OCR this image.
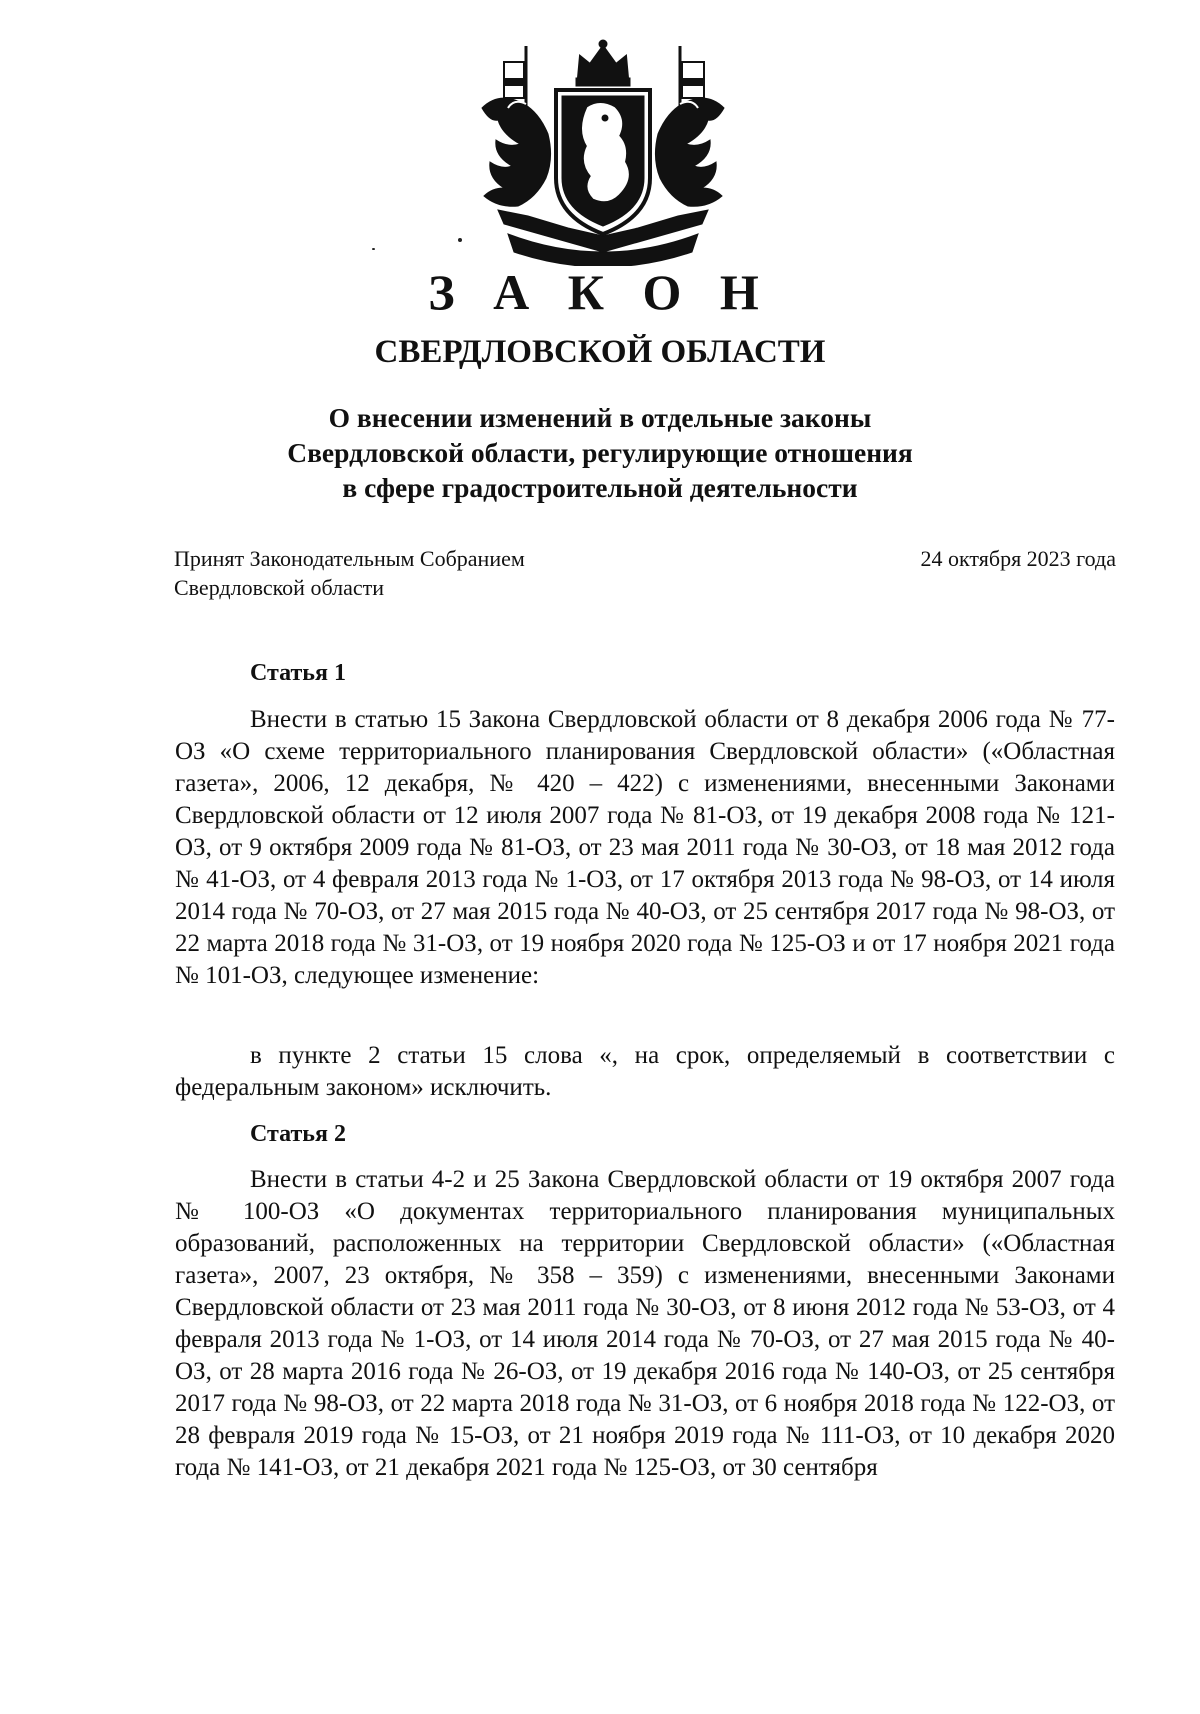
З А К О Н
СВЕРДЛОВСКОЙ ОБЛАСТИ
О внесении изменений в отдельные законы
Свердловской области, регулирующие отношения
в сфере градостроительной деятельности
Принят Законодательным Собранием
Свердловской области
24 октября 2023 года
Статья 1

Внести в статью 15 Закона Свердловской области от 8 декабря 2006 года № 77-ОЗ «О схеме территориального планирования Свердловской области» («Областная газета», 2006, 12 декабря, № 420 – 422) с изменениями, внесенными Законами Свердловской области от 12 июля 2007 года № 81-ОЗ, от 19 декабря 2008 года № 121-ОЗ, от 9 октября 2009 года № 81-ОЗ, от 23 мая 2011 года № 30-ОЗ, от 18 мая 2012 года № 41-ОЗ, от 4 февраля 2013 года № 1-ОЗ, от 17 октября 2013 года № 98-ОЗ, от 14 июля 2014 года № 70-ОЗ, от 27 мая 2015 года № 40-ОЗ, от 25 сентября 2017 года № 98-ОЗ, от 22 марта 2018 года № 31-ОЗ, от 19 ноября 2020 года № 125-ОЗ и от 17 ноября 2021 года № 101-ОЗ, следующее изменение:

в пункте 2 статьи 15 слова «, на срок, определяемый в соответствии с федеральным законом» исключить.

Статья 2

Внести в статьи 4-2 и 25 Закона Свердловской области от 19 октября 2007 года № 100-ОЗ «О документах территориального планирования муниципальных образований, расположенных на территории Свердловской области» («Областная газета», 2007, 23 октября, № 358 – 359) с изменениями, внесенными Законами Свердловской области от 23 мая 2011 года № 30-ОЗ, от 8 июня 2012 года № 53-ОЗ, от 4 февраля 2013 года № 1-ОЗ, от 14 июля 2014 года № 70-ОЗ, от 27 мая 2015 года № 40-ОЗ, от 28 марта 2016 года № 26-ОЗ, от 19 декабря 2016 года № 140-ОЗ, от 25 сентября 2017 года № 98-ОЗ, от 22 марта 2018 года № 31-ОЗ, от 6 ноября 2018 года № 122-ОЗ, от 28 февраля 2019 года № 15-ОЗ, от 21 ноября 2019 года № 111-ОЗ, от 10 декабря 2020 года № 141-ОЗ, от 21 декабря 2021 года № 125-ОЗ, от 30 сентября
